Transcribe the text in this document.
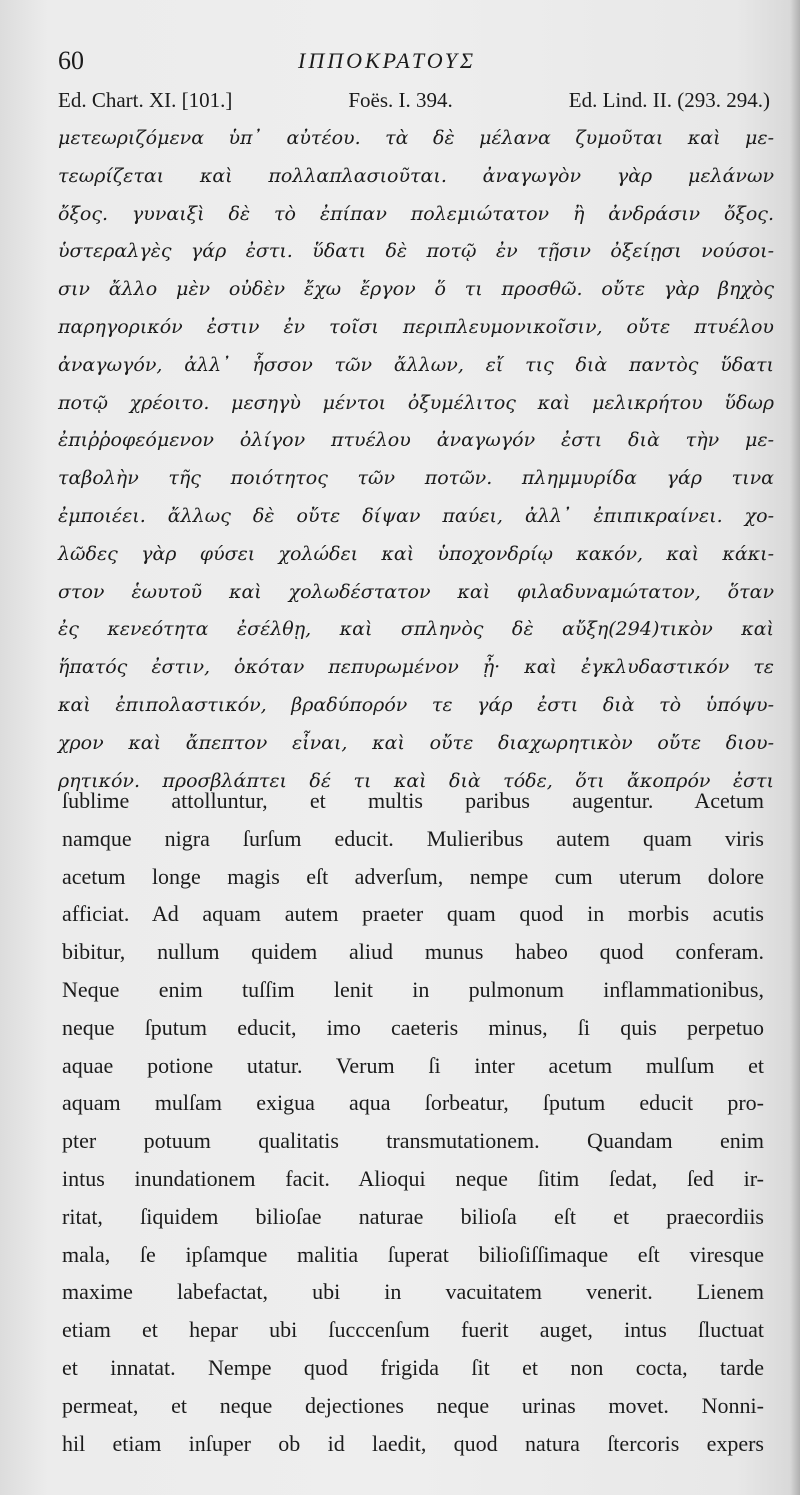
60	ΙΠΠΟΚΡΑΤΟΥΣ
Ed. Chart. XI. [101.]	Foës. I. 394.	Ed. Lind. II. (293. 294.)
μετεωριζόμενα ὑπ᾿ αὐτέου. τὰ δὲ μέλανα ζυμοῦται καὶ με-
τεωρίζεται καὶ πολλαπλασιοῦται. ἀναγωγὸν γὰρ μελάνων
ὄξος. γυναιξὶ δὲ τὸ ἐπίπαν πολεμιώτατον ἢ ἀνδράσιν ὄξος.
ὑστεραλγὲς γάρ ἐστι. ὕδατι δὲ ποτῷ ἐν τῇσιν ὀξείῃσι νούσοι-
σιν ἄλλο μὲν οὐδὲν ἔχω ἔργον ὅ τι προσθῶ. οὔτε γὰρ βηχὸς
παρηγορικόν ἐστιν ἐν τοῖσι περιπλευμονικοῖσιν, οὔτε πτυέλου
ἀναγωγόν, ἀλλ᾿ ἧσσον τῶν ἄλλων, εἴ τις διὰ παντὸς ὕδατι
ποτῷ χρέοιτο. μεσηγὺ μέντοι ὀξυμέλιτος καὶ μελικρήτου ὕδωρ
ἐπιῤῥοφεόμενον ὀλίγον πτυέλου ἀναγωγόν ἐστι διὰ τὴν με-
ταβολὴν τῆς ποιότητος τῶν ποτῶν. πλημμυρίδα γάρ τινα
ἐμποιέει. ἄλλως δὲ οὔτε δίψαν παύει, ἀλλ᾿ ἐπιπικραίνει. χο-
λῶδες γὰρ φύσει χολώδει καὶ ὑποχονδρίῳ κακόν, καὶ κάκι-
στον ἑωυτοῦ καὶ χολωδέστατον καὶ φιλαδυναμώτατον, ὅταν
ἐς κενεότητα ἐσέλθῃ, καὶ σπληνὸς δὲ αὔξη(294)τικὸν καὶ
ἥπατός ἐστιν, ὁκόταν πεπυρωμένον ᾖ· καὶ ἐγκλυδαστικόν τε
καὶ ἐπιπολαστικόν, βραδύπορόν τε γάρ ἐστι διὰ τὸ ὑπόψυ-
χρον καὶ ἄπεπτον εἶναι, καὶ οὔτε διαχωρητικὸν οὔτε διου-
ρητικόν. προσβλάπτει δέ τι καὶ διὰ τόδε, ὅτι ἄκοπρόν ἐστι
ſublime attolluntur, et multis paribus augentur. Acetum
namque nigra ſurſum educit. Mulieribus autem quam viris
acetum longe magis eſt adverſum, nempe cum uterum dolore
afficiat. Ad aquam autem praeter quam quod in morbis acutis
bibitur, nullum quidem aliud munus habeo quod conferam.
Neque enim tuſſim lenit in pulmonum inflammationibus,
neque ſputum educit, imo caeteris minus, ſi quis perpetuo
aquae potione utatur. Verum ſi inter acetum mulſum et
aquam mulſam exigua aqua ſorbeatur, ſputum educit pro-
pter potuum qualitatis transmutationem. Quandam enim
intus inundationem facit. Alioqui neque ſitim ſedat, ſed ir-
ritat, ſiquidem bilioſae naturae bilioſa eſt et praecordiis
mala, ſe ipſamque malitia ſuperat bilioſiſſimaque eſt viresque
maxime labefactat, ubi in vacuitatem venerit. Lienem
etiam et hepar ubi ſucccenſum fuerit auget, intus ſluctuat
et innatat. Nempe quod frigida ſit et non cocta, tarde
permeat, et neque dejectiones neque urinas movet. Nonni-
hil etiam inſuper ob id laedit, quod natura ſtercoris expers
